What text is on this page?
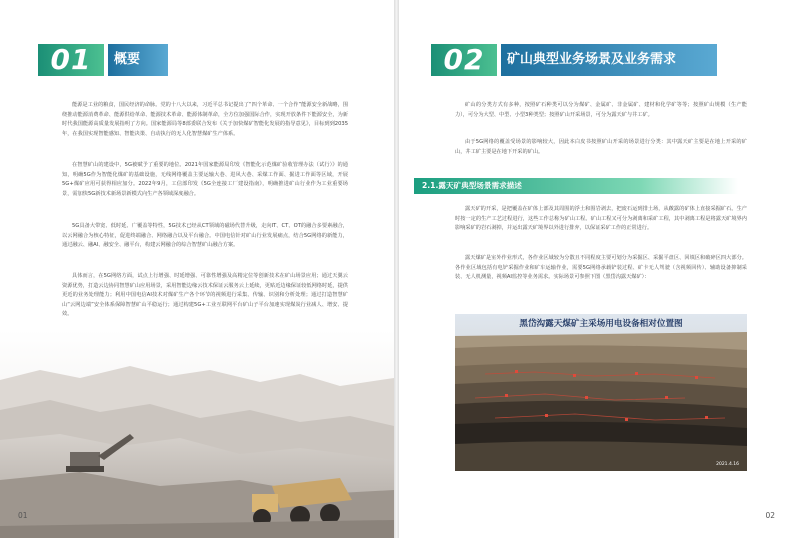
01	概要

能源是工业的粮食，国民经济的命脉。党的十八大以来，习近平总书记提出了“四个革命、一个合作”能源安全新战略，围绕推动能源消费革命、能源供给革命、能源技术革命、能源体制革命，全方位加强国际合作，实现开放条件下能源安全，为新时代我国能源高质量发展指明了方向。国家能源局等8部委联合发布《关于加快煤矿智能化发展的指导意见》，目标到到2035年，在我国实现智能感知、智能决策、自动执行的无人化智慧煤矿生产体系。

在智慧矿山的建设中，5G被赋予了重要的地位。2021年国家能源局印发《智能化示范煤矿验收管理办法（试行）》的通知，明确5G作为智能化煤矿的基础设施，无线网络覆盖主要运输大巷、进风大巷、采煤工作面、掘进工作面等区域，开展5G+煤矿应用可获得相应加分。2022年9月，工信部印发《5G全连接工厂建设指南》，明确推进矿山行业作为工业重要场景，需加快5G新技术新场景新模式向生产各领域深度融合。

5G具备大带宽、低时延、广覆盖等特性，5G技术已经从CT领域的磁场代替升级，走向IT、CT、OT的融合多要素融合，以云网融合为核心特征，促进终端融合、网络融合以及平台融合。中国电信针对矿山行业发展痛点，结合5G网络的新能力，通过融云、融AI、融安全、融平台，构建云网融合的综合智慧矿山融合方案。

具体而言，在5G网络方面，试点上行增强、时延增强、可靠性增强及高精定位等创新技术在矿山场景应用；通过天翼云资源优势，打造云边协同智慧矿山应用场景，采用智能边缘云技术保证云服务云上延续，更贴近边缘保证较低网络时延，提供更近的业务处理能力；利用中国电信AI技术对煤矿生产各个环节的视频进行采集、传输、识别和分析处理；通过打造智慧矿山“云网边端”安全体系保障智慧矿山平稳运行；通过构建5G+工业互联网平台矿山子平台加速实现煤炭行业减人、增安、提效。

01
02	矿山典型业务场景及业务需求

矿山的分类方式有多种，按照矿石种类可以分为煤矿、金属矿、非金属矿、建材和化学矿等等；按照矿山规模（生产能力），可分为大型、中型、小型3种类型；按照矿山开采场景，可分为露天矿与井工矿。

由于5G网络的覆盖受场景的影响较大，因此本白皮书按照矿山开采的场景进行分类：其中露天矿主要是在地上开采的矿山，井工矿主要是在地下开采的矿山。

2.1.露天矿典型场景需求描述

露天矿的开采，是把覆盖在矿体上部及其周围的浮土和围岩剥去，把废石运到排土场，从敞露的矿体上直接采掘矿石。生产时按一定的生产工艺过程进行，这些工作总称为矿山工程。矿山工程又可分为剥离和采矿工程，其中剥离工程是将露天矿境界内影响采矿的岩石剥掉，并运出露天矿境界以外进行排弃，以保证采矿工作的正常进行。

露天煤矿是室外作业形式，各作业区域较为分散且不同程度主要可划分为采掘区、采掘平盘区、回填区和破碎区四大部分。各作业区域包括有电铲采掘作业和矿车运输作业，需要5G网络承载铲装过程、矿卡无人驾驶（含视频回传）、辅助设备抑制采装、无人机测量，视频AI监控等业务需求。实际场景可参照下图（黑岱沟露天煤矿）：

黑岱沟露天煤矿主采场用电设备相对位置图
2021.4.16
02
